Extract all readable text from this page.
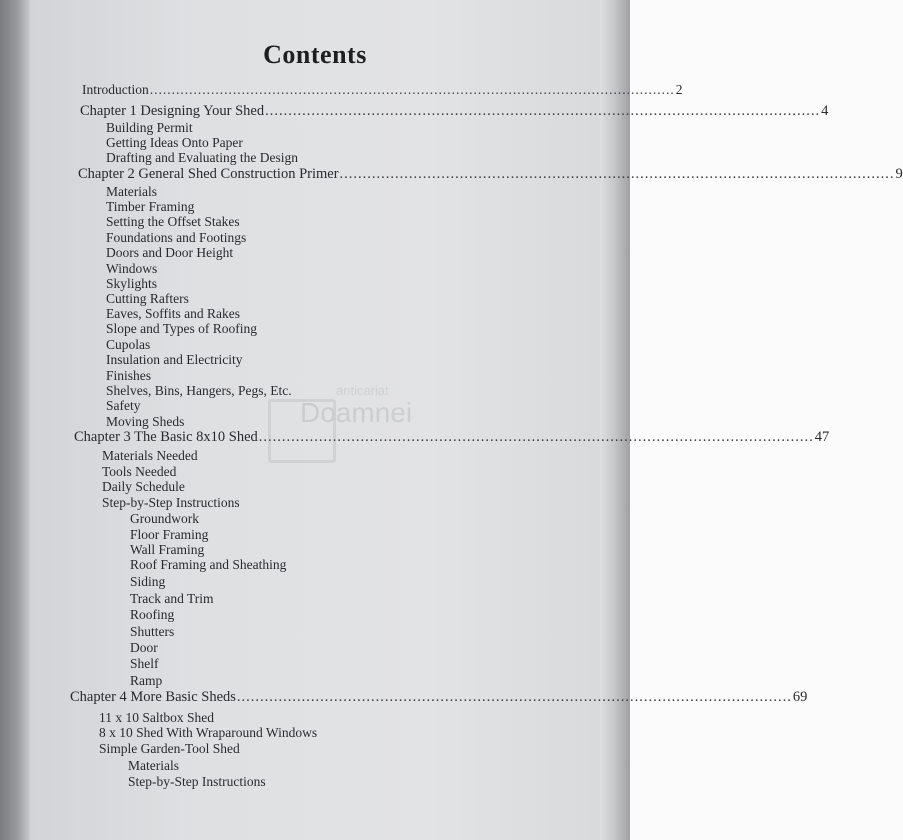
Contents
Introduction ........................................................................................................................ 2
Chapter 1 Designing Your Shed ........................................................................................................................ 4
Building Permit
Getting Ideas Onto Paper
Drafting and Evaluating the Design
Chapter 2 General Shed Construction Primer ........................................................................................................................ 9
Materials
Timber Framing
Setting the Offset Stakes
Foundations and Footings
Doors and Door Height
Windows
Skylights
Cutting Rafters
Eaves, Soffits and Rakes
Slope and Types of Roofing
Cupolas
Insulation and Electricity
Finishes
Shelves, Bins, Hangers, Pegs, Etc.
Safety
Moving Sheds
Chapter 3 The Basic 8x10 Shed ........................................................................................................................ 47
Materials Needed
Tools Needed
Daily Schedule
Step-by-Step Instructions
Groundwork
Floor Framing
Wall Framing
Roof Framing and Sheathing
Siding
Track and Trim
Roofing
Shutters
Door
Shelf
Ramp
Chapter 4 More Basic Sheds ........................................................................................................................ 69
11 x 10 Saltbox Shed
8 x 10 Shed With Wraparound Windows
Simple Garden-Tool Shed
Materials
Step-by-Step Instructions
anticariat
Doamnei
